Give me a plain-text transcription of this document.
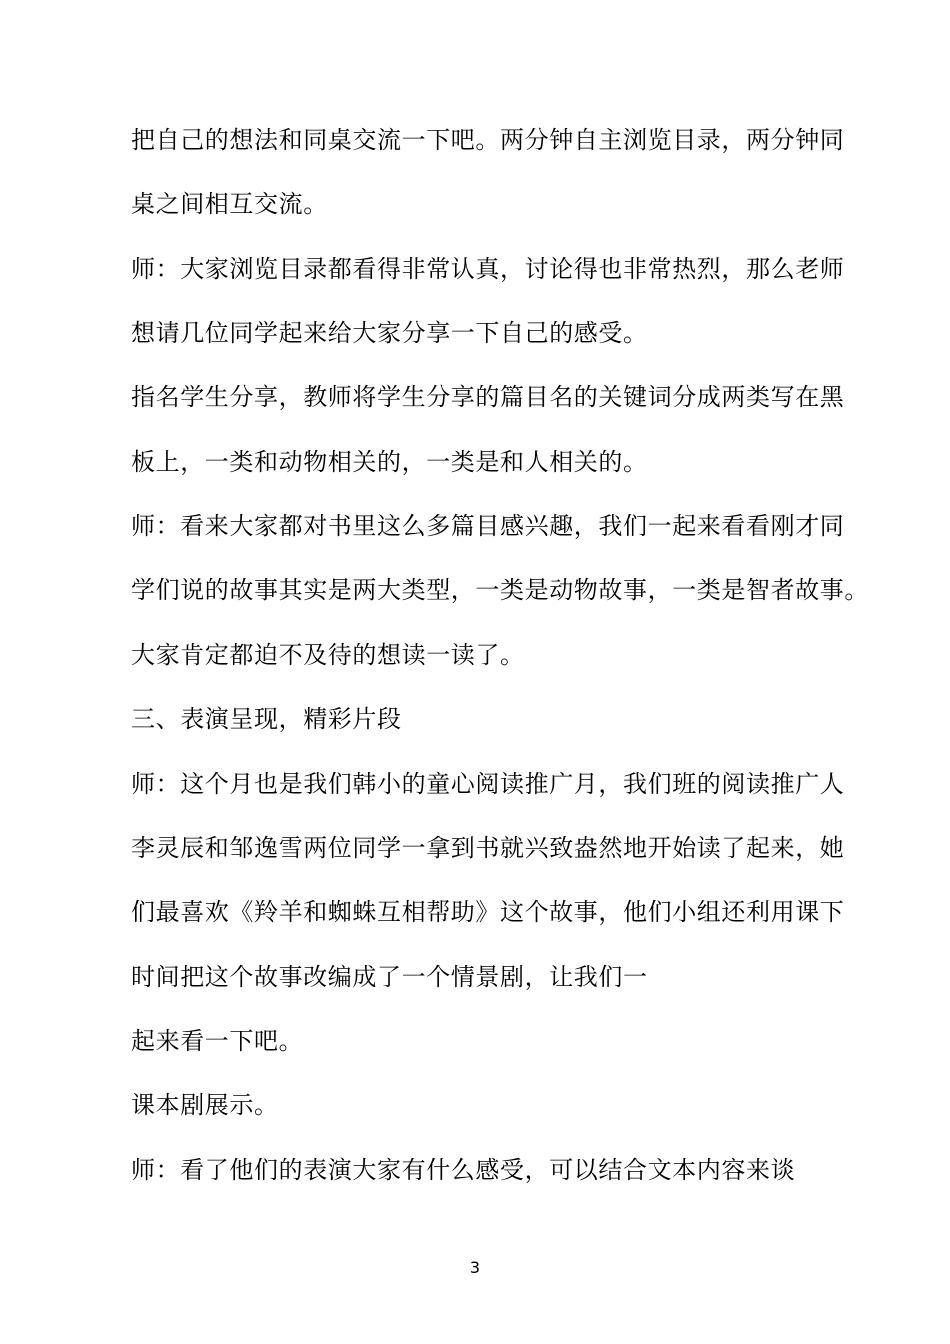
把自己的想法和同桌交流一下吧。两分钟自主浏览目录，两分钟同
桌之间相互交流。
师：大家浏览目录都看得非常认真，讨论得也非常热烈，那么老师
想请几位同学起来给大家分享一下自己的感受。
指名学生分享，教师将学生分享的篇目名的关键词分成两类写在黑
板上，一类和动物相关的，一类是和人相关的。
师：看来大家都对书里这么多篇目感兴趣，我们一起来看看刚才同
学们说的故事其实是两大类型，一类是动物故事，一类是智者故事。
大家肯定都迫不及待的想读一读了。
三、表演呈现，精彩片段
师：这个月也是我们韩小的童心阅读推广月，我们班的阅读推广人
李灵辰和邹逸雪两位同学一拿到书就兴致盎然地开始读了起来，她
们最喜欢《羚羊和蜘蛛互相帮助》这个故事，他们小组还利用课下
时间把这个故事改编成了一个情景剧，让我们一
起来看一下吧。
课本剧展示。
师：看了他们的表演大家有什么感受，可以结合文本内容来谈
3
